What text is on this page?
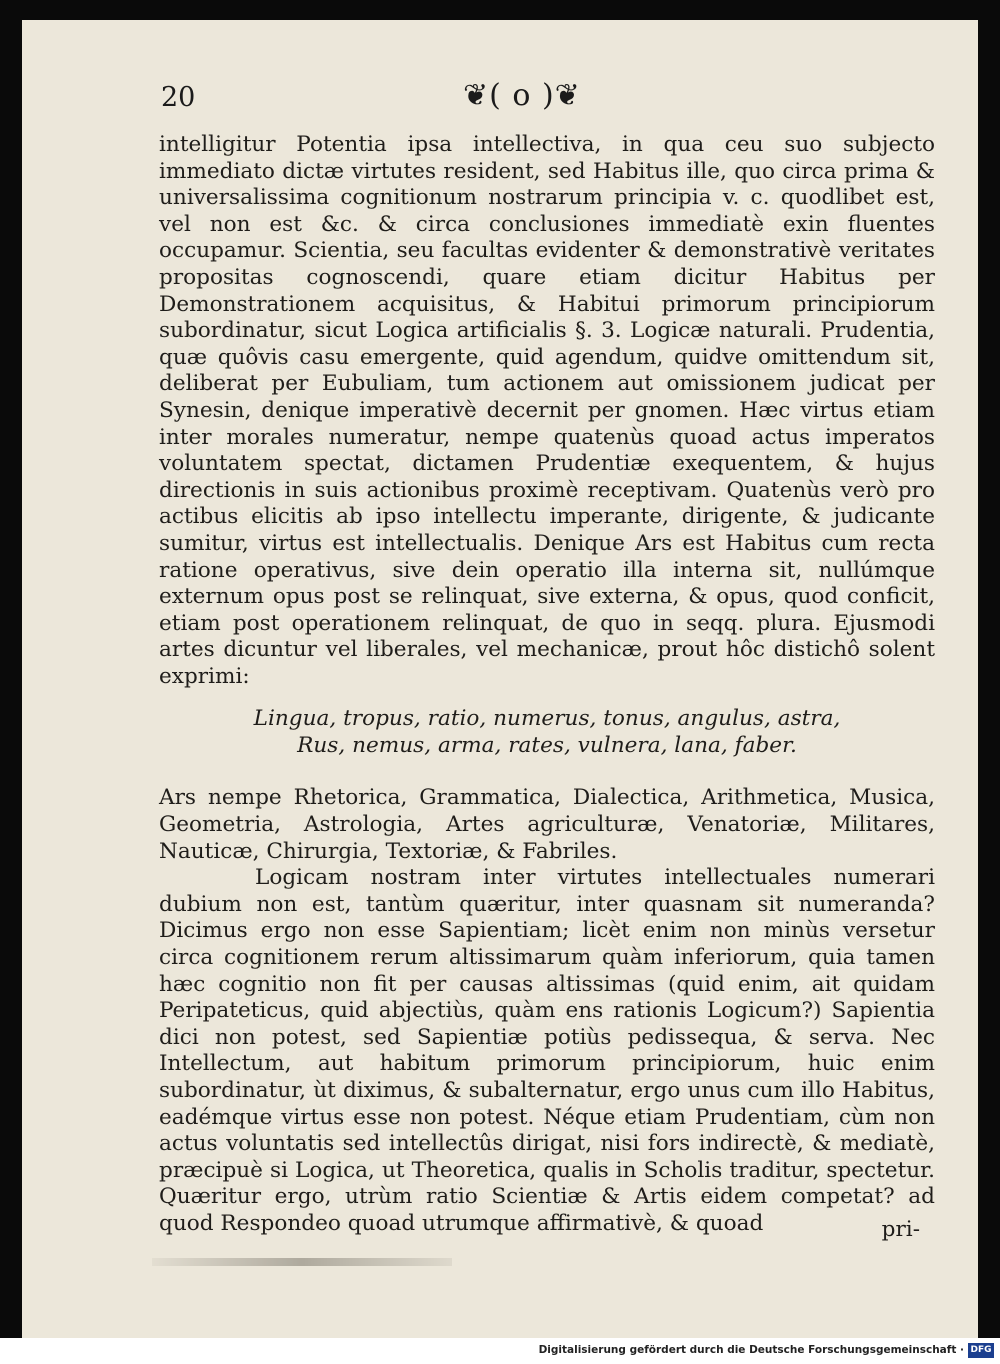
20	❦( o )❦

intelligitur Potentia ipsa intellectiva, in qua ceu suo subjecto immediato dictæ virtutes resident, sed Habitus ille, quo circa prima & universalissima cognitionum nostrarum principia v. c. quodlibet est, vel non est &c. & circa conclusiones immediatè exin fluentes occupamur. Scientia, seu facultas evidenter & demonstrativè veritates propositas cognoscendi, quare etiam dicitur Habitus per Demonstrationem acquisitus, & Habitui primorum principiorum subordinatur, sicut Logica artificialis §. 3. Logicæ naturali. Prudentia, quæ quôvis casu emergente, quid agendum, quidve omittendum sit, deliberat per Eubuliam, tum actionem aut omissionem judicat per Synesin, denique imperativè decernit per gnomen. Hæc virtus etiam inter morales numeratur, nempe quatenùs quoad actus imperatos voluntatem spectat, dictamen Prudentiæ exequentem, & hujus directionis in suis actionibus proximè receptivam. Quatenùs verò pro actibus elicitis ab ipso intellectu imperante, dirigente, & judicante sumitur, virtus est intellectualis. Denique Ars est Habitus cum recta ratione operativus, sive dein operatio illa interna sit, nullúmque externum opus post se relinquat, sive externa, & opus, quod conficit, etiam post operationem relinquat, de quo in seqq. plura. Ejusmodi artes dicuntur vel liberales, vel mechanicæ, prout hôc distichô solent exprimi:

Lingua, tropus, ratio, numerus, tonus, angulus, astra,
Rus, nemus, arma, rates, vulnera, lana, faber.

Ars nempe Rhetorica, Grammatica, Dialectica, Arithmetica, Musica, Geometria, Astrologia, Artes agriculturæ, Venatoriæ, Militares, Nauticæ, Chirurgia, Textoriæ, & Fabriles.

Logicam nostram inter virtutes intellectuales numerari dubium non est, tantùm quæritur, inter quasnam sit numeranda? Dicimus ergo non esse Sapientiam; licèt enim non minùs versetur circa cognitionem rerum altissimarum quàm inferiorum, quia tamen hæc cognitio non fit per causas altissimas (quid enim, ait quidam Peripateticus, quid abjectiùs, quàm ens rationis Logicum?) Sapientia dici non potest, sed Sapientiæ potiùs pedissequa, & serva. Nec Intellectum, aut habitum primorum principiorum, huic enim subordinatur, ùt diximus, & subalternatur, ergo unus cum illo Habitus, eadémque virtus esse non potest. Néque etiam Prudentiam, cùm non actus voluntatis sed intellectûs dirigat, nisi fors indirectè, & mediatè, præcipuè si Logica, ut Theoretica, qualis in Scholis traditur, spectetur. Quæritur ergo, utrùm ratio Scientiæ & Artis eidem competat? ad quod Respondeo quoad utrumque affirmativè, & quoad	pri-
Digitalisierung gefördert durch die Deutsche Forschungsgemeinschaft · DFG
